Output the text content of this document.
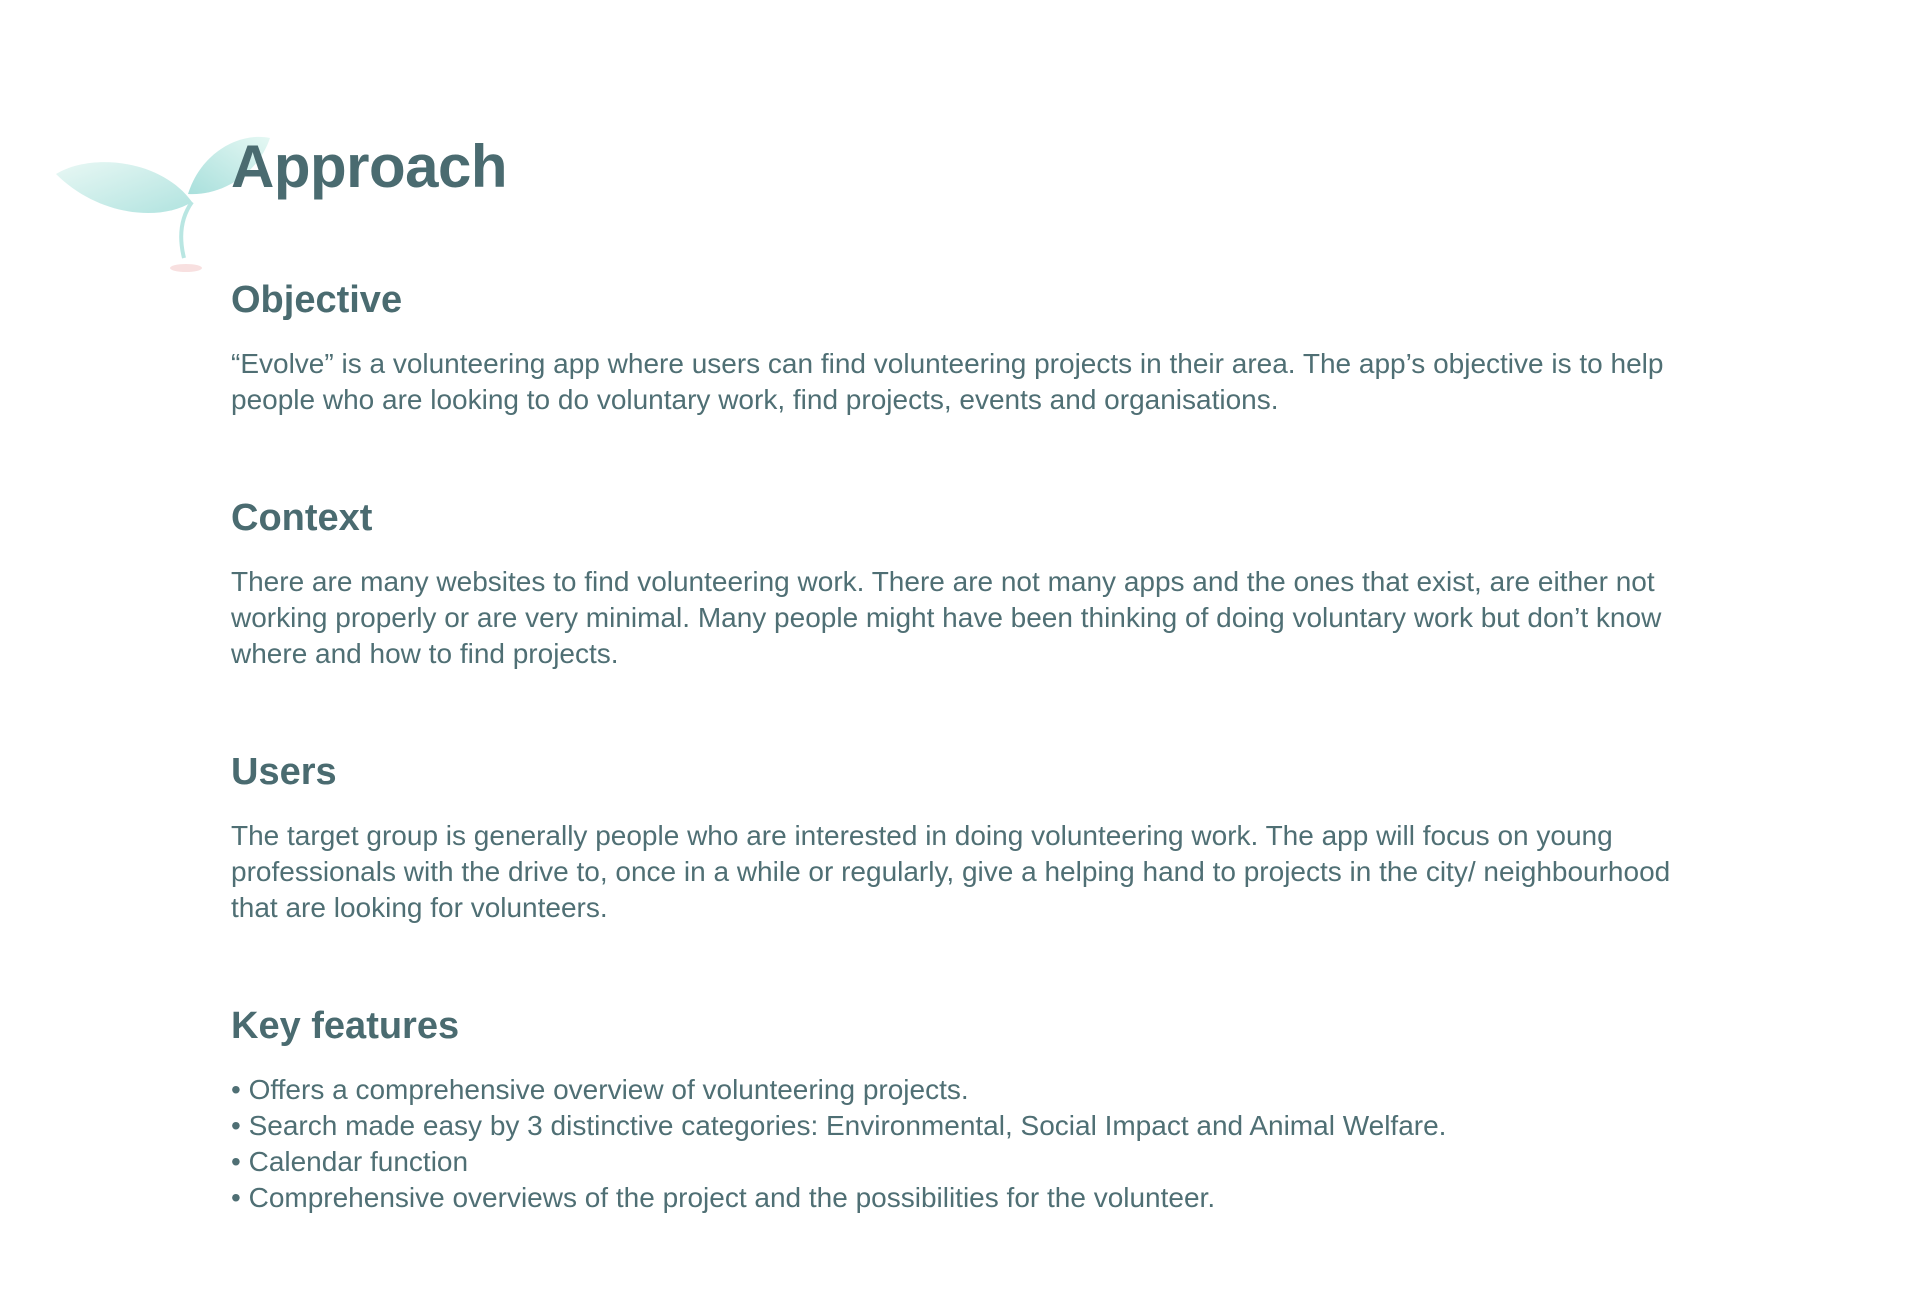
Approach
Objective

“Evolve” is a volunteering app where users can find volunteering projects in their area. The app’s objective is to help people who are looking to do voluntary work, find projects, events and organisations.

Context

There are many websites to find volunteering work. There are not many apps and the ones that exist, are either not working properly or are very minimal. Many people might have been thinking of doing voluntary work but don’t know where and how to find projects.

Users

The target group is generally people who are interested in doing volunteering work. The app will focus on young professionals with the drive to, once in a while or regularly, give a helping hand to projects in the city/ neighbourhood that are looking for volunteers.

Key features
• Offers a comprehensive overview of volunteering projects.
• Search made easy by 3 distinctive categories: Environmental, Social Impact and Animal Welfare.
• Calendar function
• Comprehensive overviews of the project and the possibilities for the volunteer.
